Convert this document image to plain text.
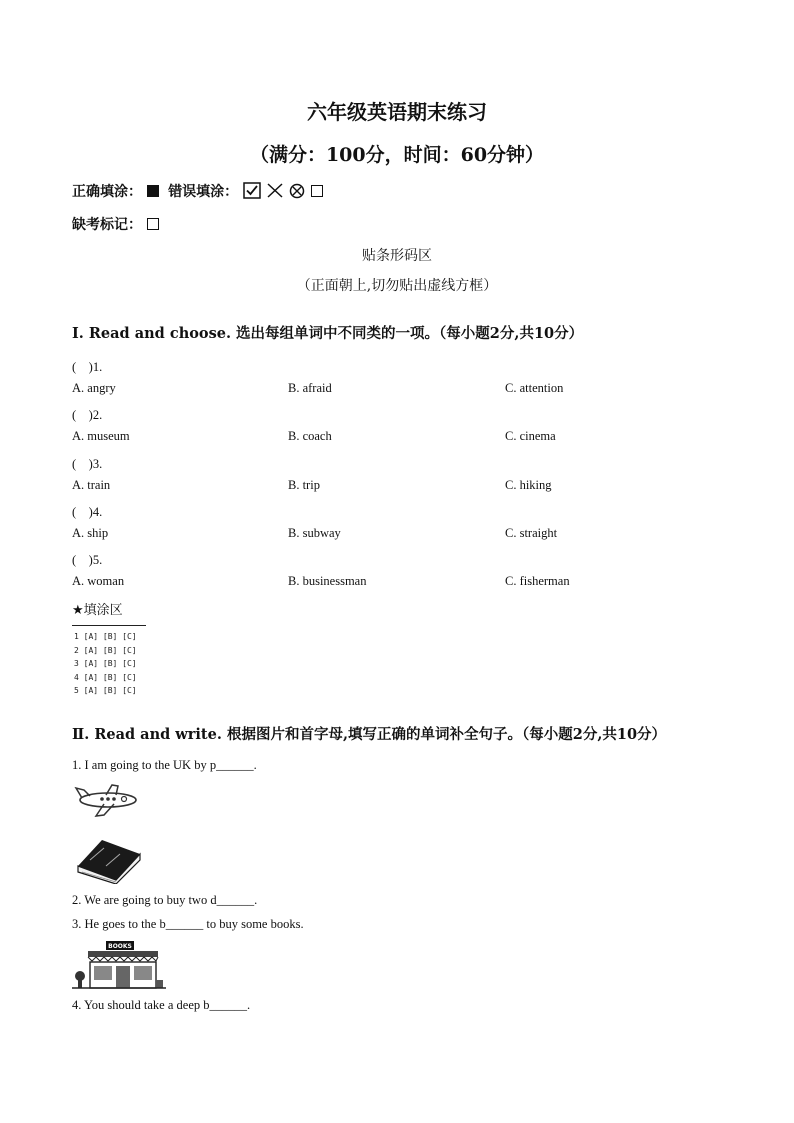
六年级英语期末练习
（满分：100分，时间：60分钟）
正确填涂： 错误填涂：
缺考标记：
贴条形码区
（正面朝上,切勿贴出虚线方框）
Ⅰ. Read and choose. 选出每组单词中不同类的一项。（每小题2分,共10分）
(　)1.
A. angry	B. afraid	C. attention
(　)2.
A. museum	B. coach	C. cinema
(　)3.
A. train	B. trip	C. hiking
(　)4.
A. ship	B. subway	C. straight
(　)5.
A. woman	B. businessman	C. fisherman
★填涂区
1 [A] [B] [C]
2 [A] [B] [C]
3 [A] [B] [C]
4 [A] [B] [C]
5 [A] [B] [C]
Ⅱ. Read and write. 根据图片和首字母,填写正确的单词补全句子。（每小题2分,共10分）
1. I am going to the UK by p______.
2. We are going to buy two d______.
3. He goes to the b______ to buy some books.
BOOKS
4. You should take a deep b______.
